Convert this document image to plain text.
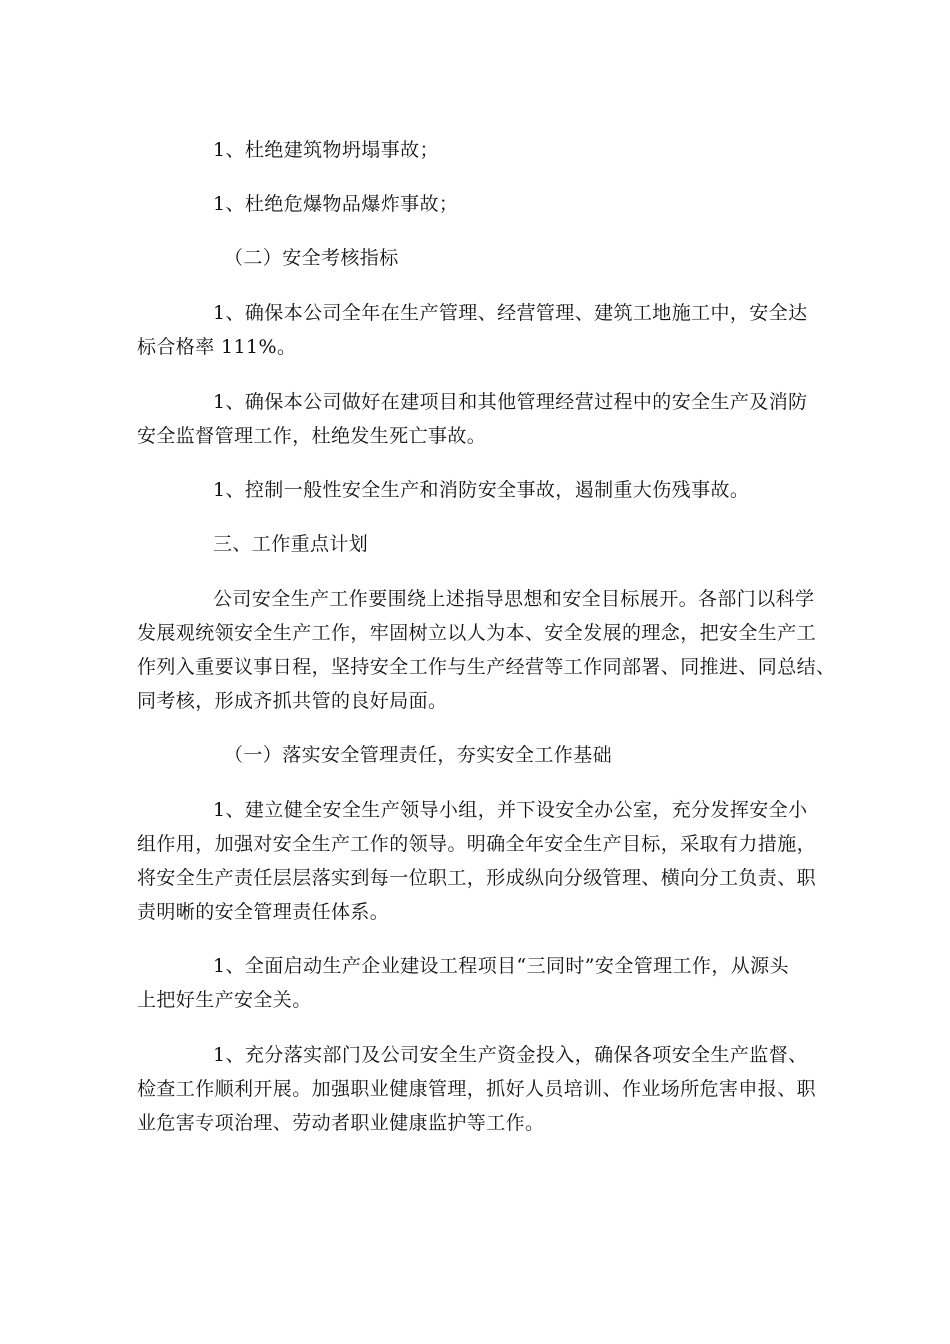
1、杜绝建筑物坍塌事故；
1、杜绝危爆物品爆炸事故；
（二）安全考核指标
1、确保本公司全年在生产管理、经营管理、建筑工地施工中，安全达
标合格率 111%。
1、确保本公司做好在建项目和其他管理经营过程中的安全生产及消防
安全监督管理工作，杜绝发生死亡事故。
1、控制一般性安全生产和消防安全事故，遏制重大伤残事故。
三、工作重点计划
公司安全生产工作要围绕上述指导思想和安全目标展开。各部门以科学
发展观统领安全生产工作，牢固树立以人为本、安全发展的理念，把安全生产工
作列入重要议事日程，坚持安全工作与生产经营等工作同部署、同推进、同总结、
同考核，形成齐抓共管的良好局面。
（一）落实安全管理责任，夯实安全工作基础
1、建立健全安全生产领导小组，并下设安全办公室，充分发挥安全小
组作用，加强对安全生产工作的领导。明确全年安全生产目标，采取有力措施，
将安全生产责任层层落实到每一位职工，形成纵向分级管理、横向分工负责、职
责明晰的安全管理责任体系。
1、全面启动生产企业建设工程项目“三同时”安全管理工作，从源头
上把好生产安全关。
1、充分落实部门及公司安全生产资金投入，确保各项安全生产监督、
检查工作顺利开展。加强职业健康管理，抓好人员培训、作业场所危害申报、职
业危害专项治理、劳动者职业健康监护等工作。
